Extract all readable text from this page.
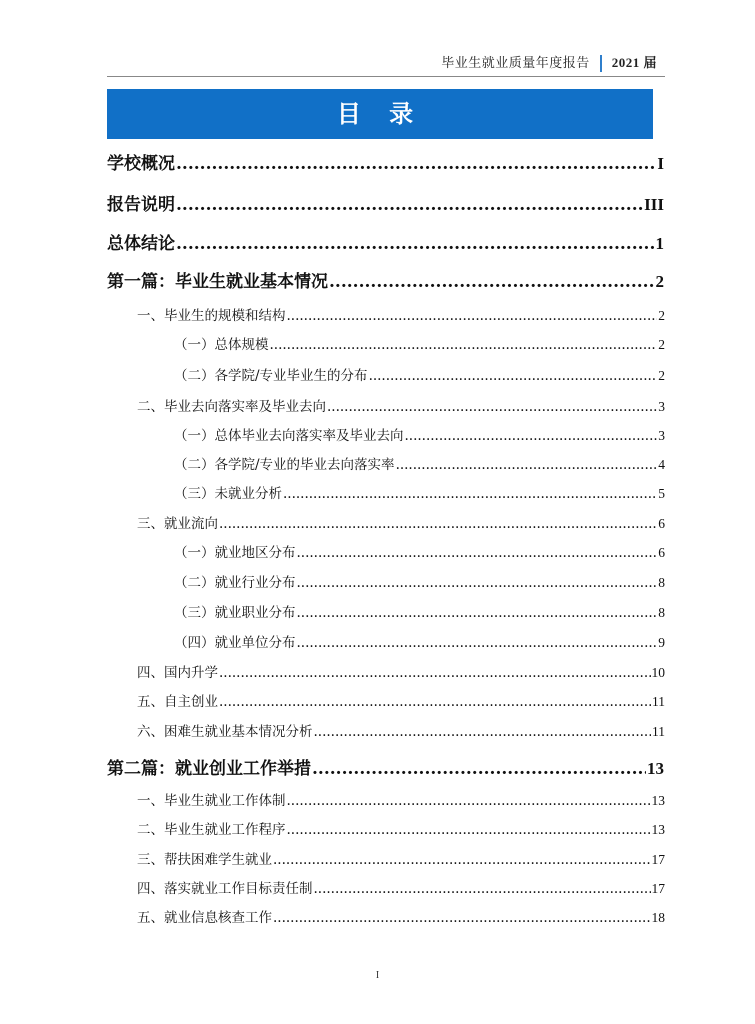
毕业生就业质量年度报告 2021 届
目 录
学校概况 .....	I
报告说明 .....	III
总体结论 .....	1
第一篇：毕业生就业基本情况 .....	2
一、毕业生的规模和结构 .....	2
（一）总体规模 .....	2
（二）各学院/专业毕业生的分布 .....	2
二、毕业去向落实率及毕业去向 .....	3
（一）总体毕业去向落实率及毕业去向 .....	3
（二）各学院/专业的毕业去向落实率 .....	4
（三）未就业分析 .....	5
三、就业流向 .....	6
（一）就业地区分布 .....	6
（二）就业行业分布 .....	8
（三）就业职业分布 .....	8
（四）就业单位分布 .....	9
四、国内升学 .....	10
五、自主创业 .....	11
六、困难生就业基本情况分析 .....	11
第二篇：就业创业工作举措 .....	13
一、毕业生就业工作体制 .....	13
二、毕业生就业工作程序 .....	13
三、帮扶困难学生就业 .....	17
四、落实就业工作目标责任制 .....	17
五、就业信息核查工作 .....	18
I
